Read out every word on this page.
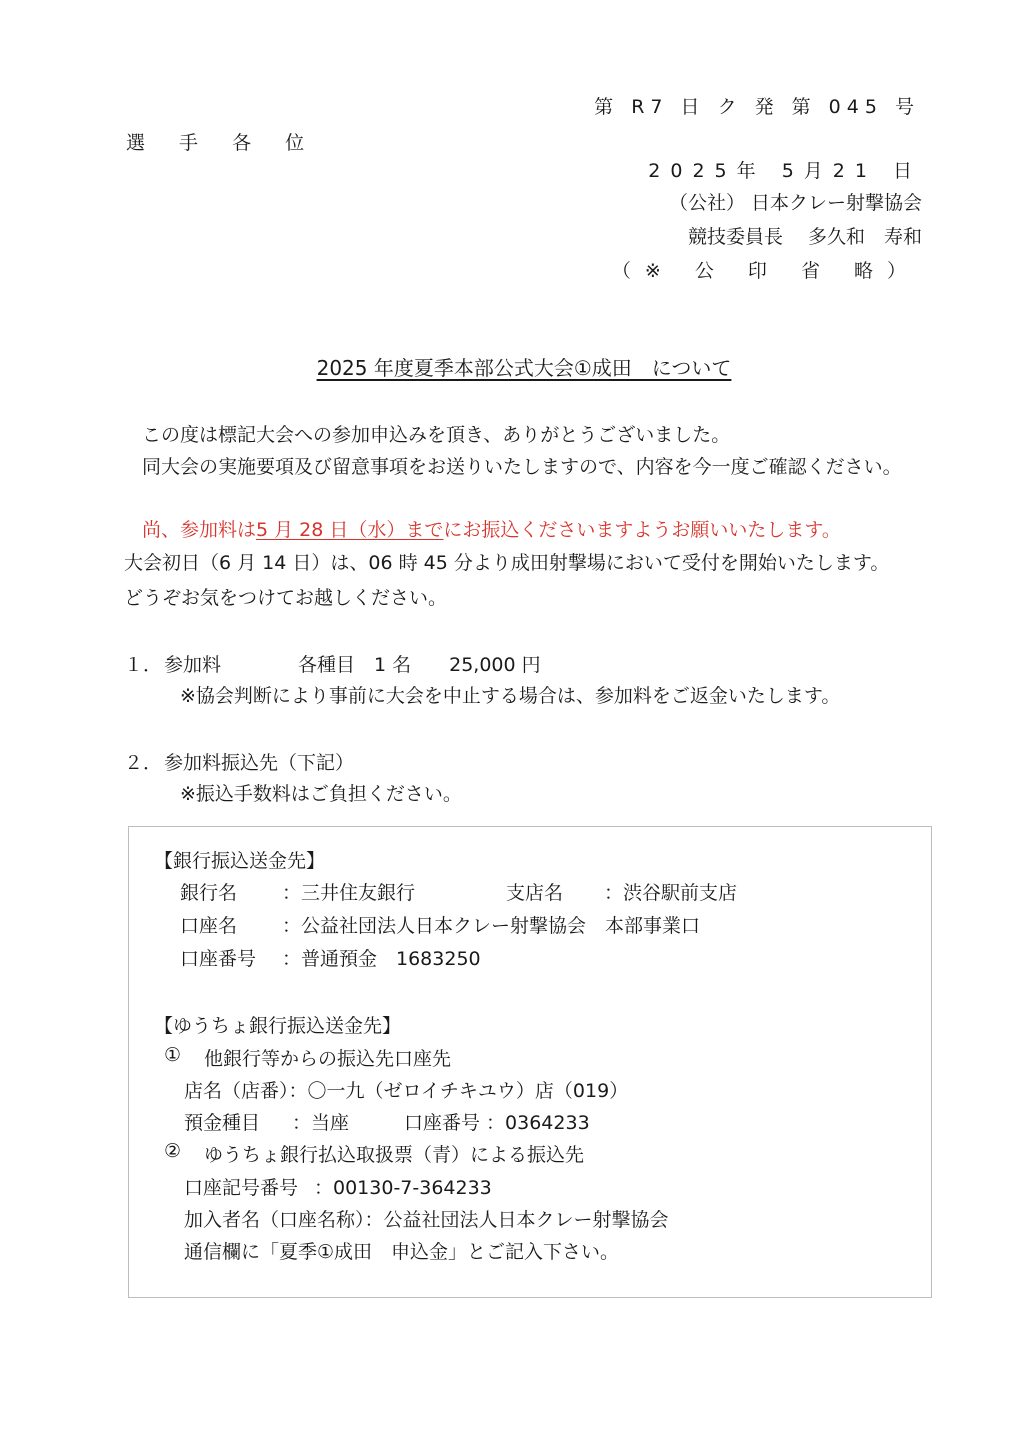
第 R7 日 ク 発 第 045 号
選 手 各 位
2025年 5月21 日
（公社） 日本クレー射撃協会
競技委員長　 多久和　寿和
（※ 公 印 省 略）
2025 年度夏季本部公式大会①成田　について
この度は標記大会への参加申込みを頂き、ありがとうございました。
同大会の実施要項及び留意事項をお送りいたしますので、内容を今一度ご確認ください。
尚、参加料は5 月 28 日（水）までにお振込くださいますようお願いいたします。
大会初日（6 月 14 日）は、06 時 45 分より成田射撃場において受付を開始いたします。
どうぞお気をつけてお越しください。
１． 参加料	各種目　1 名　　25,000 円
※協会判断により事前に大会を中止する場合は、参加料をご返金いたします。
２． 参加料振込先（下記）
※振込手数料はご負担ください。
【銀行振込送金先】
銀行名 ：三井住友銀行	支店名 ：渋谷駅前支店
口座名 ：公益社団法人日本クレー射撃協会　本部事業口
口座番号 ：普通預金　1683250
【ゆうちょ銀行振込送金先】
① 他銀行等からの振込先口座先
店名（店番）：〇一九（ゼロイチキユウ）店（019）
預金種目 ：当座	口座番号 ：0364233
② ゆうちょ銀行払込取扱票（青）による振込先
口座記号番号 ：00130-7-364233
加入者名（口座名称）：公益社団法人日本クレー射撃協会
通信欄に「夏季①成田　申込金」とご記入下さい。
